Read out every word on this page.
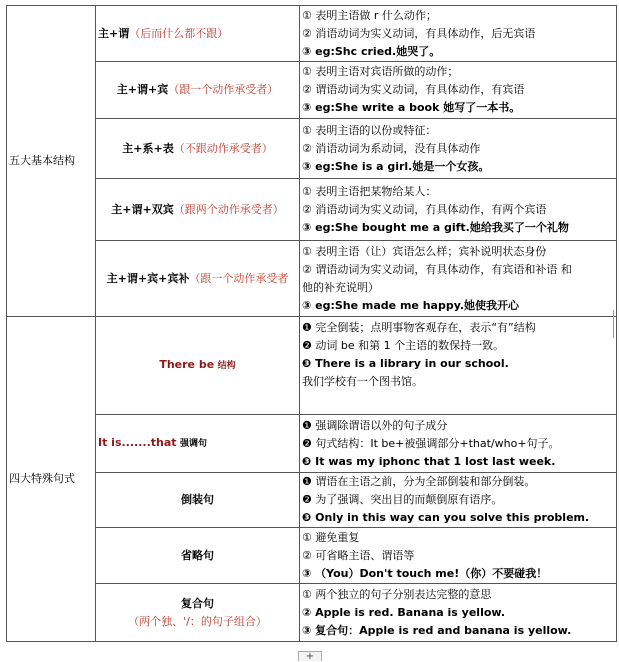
五大基本结构	主+谓（后而什么都不跟）	① 表明主语做 r 什么动作；
② 消语动词为实义动词，有具体动作，后无宾语
③ eg:Shc cried.她哭了。

	主+谓+宾（跟一个动作承受者）	① 表明主语对宾语所做的动作；
② 谓语动词为实义动词，有具体动作，有宾语
③ eg:She write a book 她写了一本书。

	主+系+表（不跟动作承受者）	① 表明主语的以份或特征：
② 消语动词为系动词，没有具体动作
③ eg:She is a girl.她是一个女孩。

	主+谓+双宾（跟两个动作承受者）	① 表明主语把某物给某人：
② 消语动词为实义动词，冇具体动作，有两个宾语
③ eg:She bought me a gift.她给我买了一个礼物

	主+谓+宾+宾补（跟一个动作承受者	① 表明主语（让）宾语怎么样；宾补说明状态身份
② 谓语动词为实义动词，有具体动作，有宾语和补语 和
他的补充说明）
③ eg:She made me happy.她使我开心

四大特殊句式	There be 结构	❶ 完全倒装；点明事物客观存在，表示“有”结构
❷ 动词 be 和第 1 个主语的数保持一致。
❸ There is a library in our school.
我们学校有一个图书馆。

	It is.......that 强调句	❶ 强调除谓语以外的句子成分
❷ 句式结构：It be+被强调部分+that/who+句子。
❸ It was my iphonc that 1 lost last week.

	倒装句	❶ 谓语在主语之前，分为全部倒装和部分倒装。
❷ 为了强调、突出目的而颠倒原有语序。
❸ Only in this way can you solve this problem.

	省略句	① 避免重复
② 可省略主语、谓语等
③ （You）Don't touch me!（你）不要碰我！

	复合句
（两个独、'/：的句子组合）	① 两个独立的句子分别表达完整的意思
② Apple is red. Banana is yellow.
③ 复合句：Apple is red and banana is yellow.
+
